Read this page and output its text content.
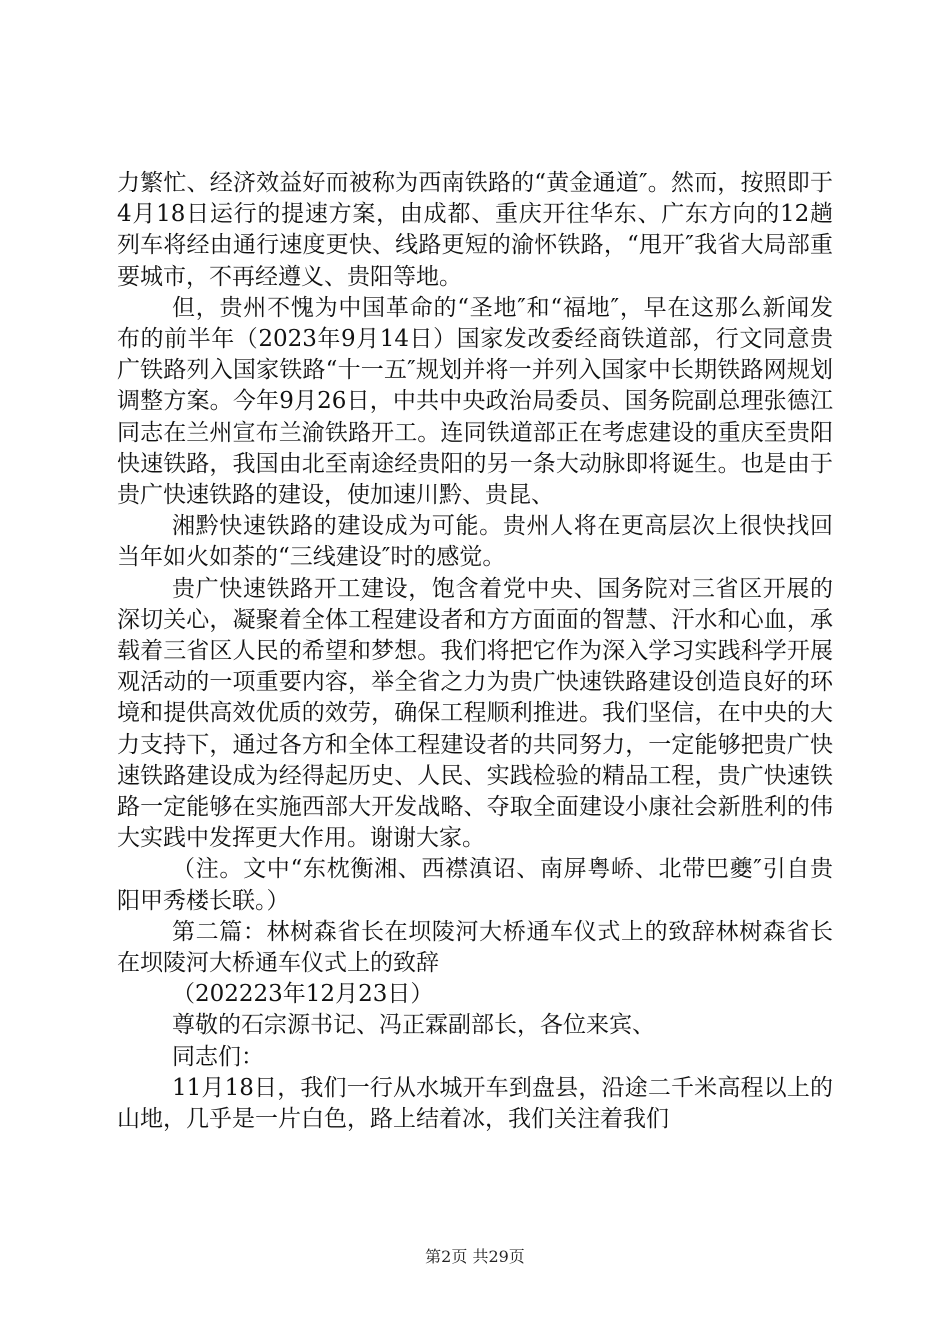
力繁忙、经济效益好而被称为西南铁路的“黄金通道″。然而，按照即于4月18日运行的提速方案，由成都、重庆开往华东、广东方向的12趟列车将经由通行速度更快、线路更短的渝怀铁路，“甩开″我省大局部重要城市，不再经遵义、贵阳等地。

但，贵州不愧为中国革命的“圣地″和“福地″，早在这那么新闻发布的前半年（2023年9月14日）国家发改委经商铁道部，行文同意贵广铁路列入国家铁路“十一五″规划并将一并列入国家中长期铁路网规划调整方案。今年9月26日，中共中央政治局委员、国务院副总理张德江同志在兰州宣布兰渝铁路开工。连同铁道部正在考虑建设的重庆至贵阳快速铁路，我国由北至南途经贵阳的另一条大动脉即将诞生。也是由于贵广快速铁路的建设，使加速川黔、贵昆、

湘黔快速铁路的建设成为可能。贵州人将在更高层次上很快找回当年如火如荼的“三线建设″时的感觉。

贵广快速铁路开工建设，饱含着党中央、国务院对三省区开展的深切关心，凝聚着全体工程建设者和方方面面的智慧、汗水和心血，承载着三省区人民的希望和梦想。我们将把它作为深入学习实践科学开展观活动的一项重要内容，举全省之力为贵广快速铁路建设创造良好的环境和提供高效优质的效劳，确保工程顺利推进。我们坚信，在中央的大力支持下，通过各方和全体工程建设者的共同努力，一定能够把贵广快速铁路建设成为经得起历史、人民、实践检验的精品工程，贵广快速铁路一定能够在实施西部大开发战略、夺取全面建设小康社会新胜利的伟大实践中发挥更大作用。谢谢大家。

（注。文中“东枕衡湘、西襟滇诏、南屏粤峤、北带巴夔″引自贵阳甲秀楼长联。）

第二篇：林树森省长在坝陵河大桥通车仪式上的致辞林树森省长在坝陵河大桥通车仪式上的致辞

（202223年12月23日）

尊敬的石宗源书记、冯正霖副部长，各位来宾、

同志们：

11月18日，我们一行从水城开车到盘县，沿途二千米高程以上的山地，几乎是一片白色，路上结着冰，我们关注着我们

第2页 共29页
